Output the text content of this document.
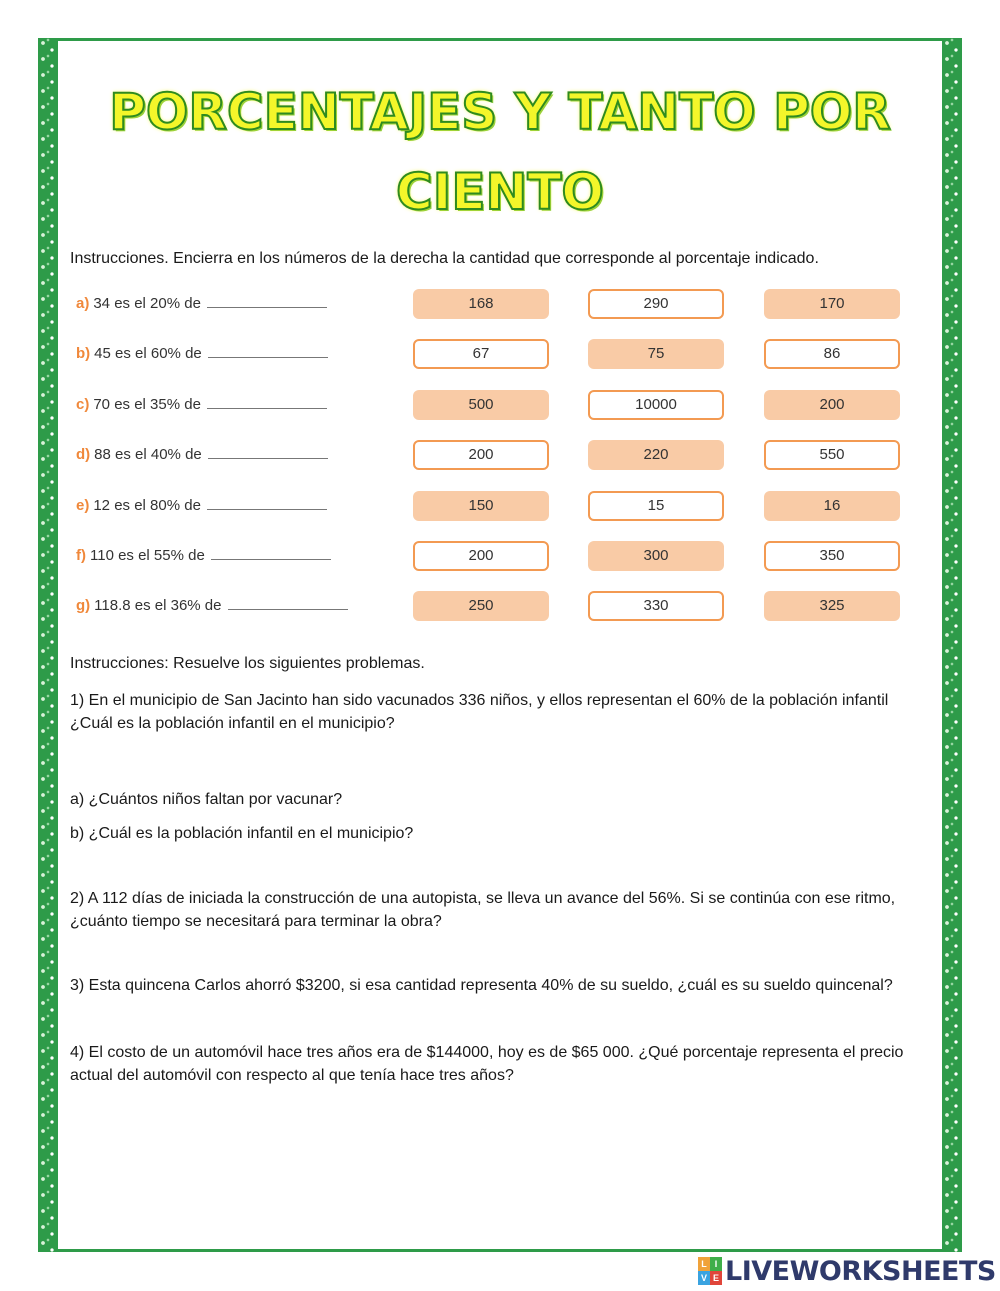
PORCENTAJES Y TANTO POR
CIENTO
Instrucciones. Encierra en los números de la derecha la cantidad que corresponde al porcentaje indicado.
a) 34 es el 20% de	168	290	170
b) 45 es el 60% de	67	75	86
c) 70 es el 35% de	500	10000	200
d) 88 es el 40% de	200	220	550
e) 12 es el 80% de	150	15	16
f) 110 es el 55% de	200	300	350
g) 118.8 es el 36% de	250	330	325
Instrucciones: Resuelve los siguientes problemas.
1) En el municipio de San Jacinto han sido vacunados 336 niños, y ellos representan el 60% de la población infantil
¿Cuál es la población infantil en el municipio?
a) ¿Cuántos niños faltan por vacunar?
b) ¿Cuál es la población infantil en el municipio?
2) A 112 días de iniciada la construcción de una autopista, se lleva un avance del 56%. Si se continúa con ese ritmo,
¿cuánto tiempo se necesitará para terminar la obra?
3) Esta quincena Carlos ahorró $3200, si esa cantidad representa 40% de su sueldo, ¿cuál es su sueldo quincenal?
4) El costo de un automóvil hace tres años era de $144000, hoy es de $65 000. ¿Qué porcentaje representa el precio
actual del automóvil con respecto al que tenía hace tres años?
L I
V E LIVEWORKSHEETS
